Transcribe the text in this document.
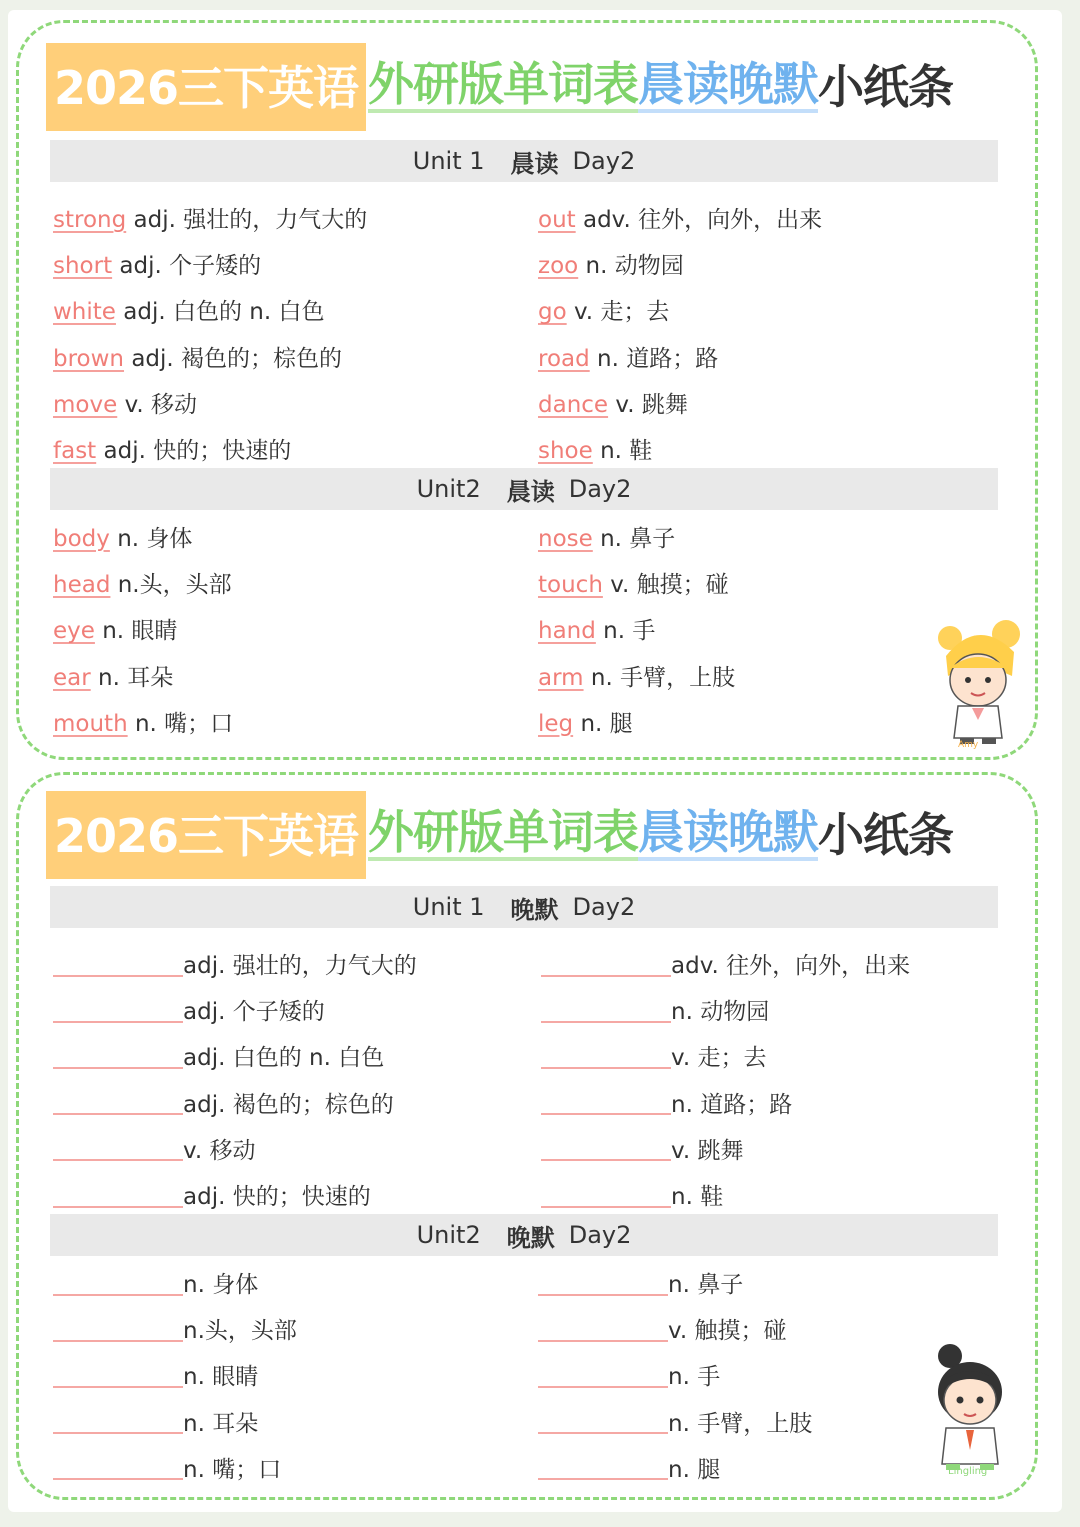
2026三下英语 外研版单词表 晨读晚默 小纸条
Unit 1 晨读 Day2
strong adj. 强壮的，力气大的
short adj. 个子矮的
white adj. 白色的 n. 白色
brown adj. 褐色的；棕色的
move v. 移动
fast adj. 快的；快速的
out adv. 往外，向外，出来
zoo n. 动物园
go v. 走；去
road n. 道路；路
dance v. 跳舞
shoe n. 鞋
Unit2 晨读 Day2
body n. 身体
head n.头，头部
eye n. 眼睛
ear n. 耳朵
mouth n. 嘴；口
nose n. 鼻子
touch v. 触摸；碰
hand n. 手
arm n. 手臂，上肢
leg n. 腿
Amy
2026三下英语 外研版单词表 晨读晚默 小纸条
Unit 1 晚默 Day2
adj. 强壮的，力气大的
adj. 个子矮的
adj. 白色的 n. 白色
adj. 褐色的；棕色的
v. 移动
adj. 快的；快速的
adv. 往外，向外，出来
n. 动物园
v. 走；去
n. 道路；路
v. 跳舞
n. 鞋
Unit2 晚默 Day2
n. 身体
n.头，头部
n. 眼睛
n. 耳朵
n. 嘴；口
n. 鼻子
v. 触摸；碰
n. 手
n. 手臂，上肢
n. 腿	Lingling
